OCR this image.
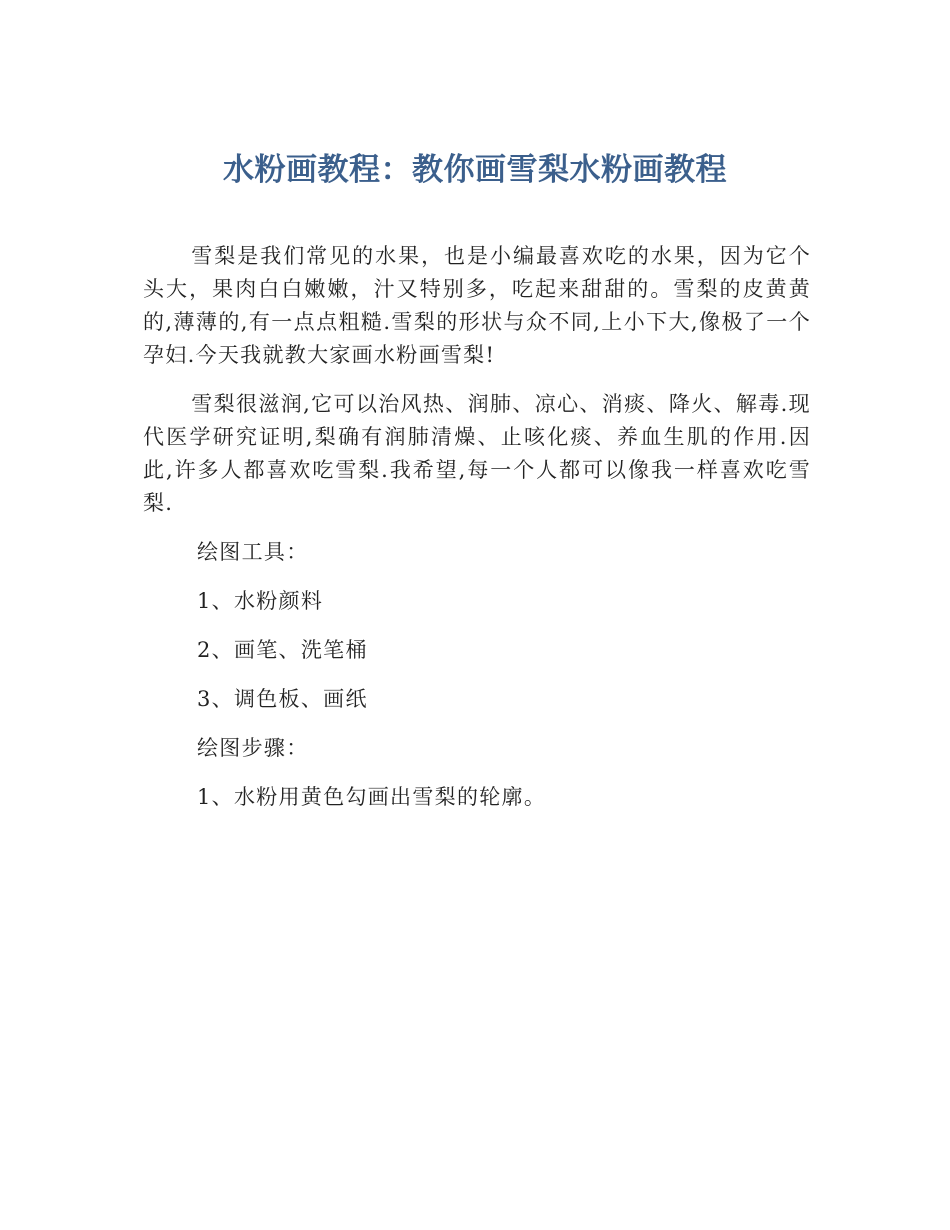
水粉画教程：教你画雪梨水粉画教程

雪梨是我们常见的水果，也是小编最喜欢吃的水果，因为它个头大，果肉白白嫩嫩，汁又特别多，吃起来甜甜的。雪梨的皮黄黄的,薄薄的,有一点点粗糙.雪梨的形状与众不同,上小下大,像极了一个孕妇.今天我就教大家画水粉画雪梨!

雪梨很滋润,它可以治风热、润肺、凉心、消痰、降火、解毒.现代医学研究证明,梨确有润肺清燥、止咳化痰、养血生肌的作用.因此,许多人都喜欢吃雪梨.我希望,每一个人都可以像我一样喜欢吃雪梨.

绘图工具：

1、水粉颜料

2、画笔、洗笔桶

3、调色板、画纸

绘图步骤：

1、水粉用黄色勾画出雪梨的轮廓。
